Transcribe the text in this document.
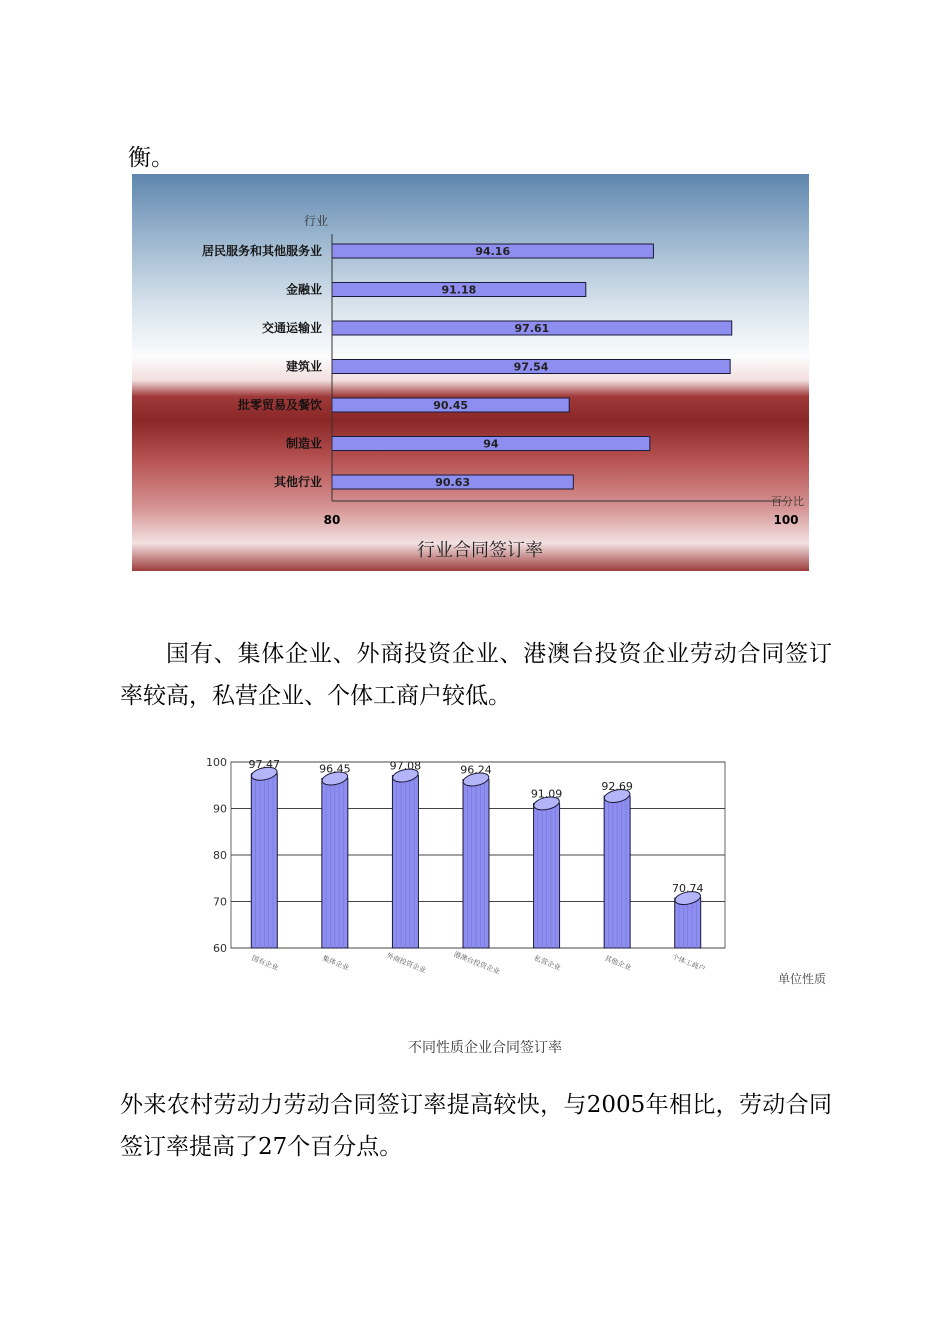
衡。

行业
居民服务和其他服务业	94.16
金融业	91.18
交通运输业	97.61
建筑业	97.54
批零贸易及餐饮	90.45
制造业	94
其他行业	90.63
百分比
80	100
行业合同签订率

国有、集体企业、外商投资企业、港澳台投资企业劳动合同签订率较高，私营企业、个体工商户较低。

60
70
80
90
100 97.47
国有企业
96.45
集体企业
97.08
外商投资企业
96.24
港澳台投资企业
91.09
私营企业
92.69
其他企业
70.74
个体工商户
单位性质
不同性质企业合同签订率

外来农村劳动力劳动合同签订率提高较快，与2005年相比，劳动合同签订率提高了27个百分点。
